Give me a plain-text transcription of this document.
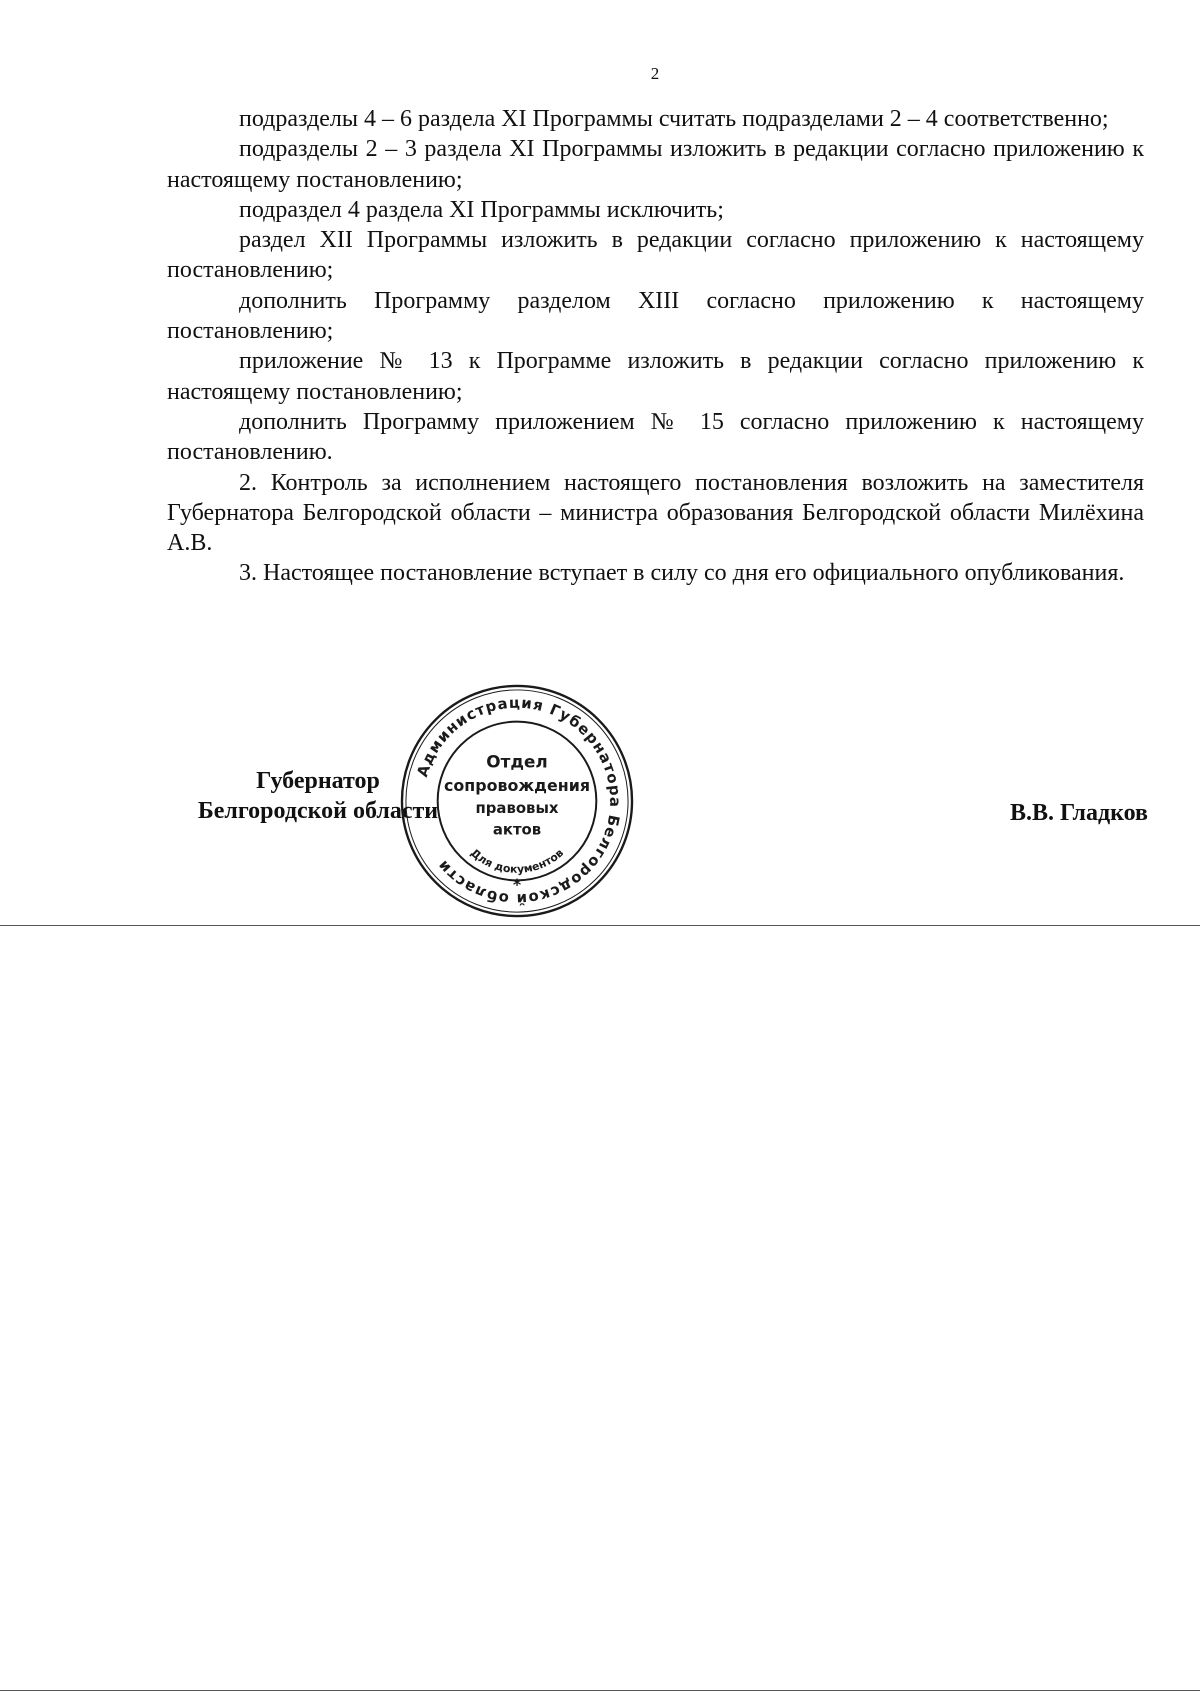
2

подразделы 4 – 6 раздела XI Программы считать подразделами 2 – 4 соответственно;

подразделы 2 – 3 раздела XI Программы изложить в редакции согласно приложению к настоящему постановлению;

подраздел 4 раздела XI Программы исключить;

раздел XII Программы изложить в редакции согласно приложению к настоящему постановлению;

дополнить Программу разделом XIII согласно приложению к настоящему постановлению;

приложение № 13 к Программе изложить в редакции согласно приложению к настоящему постановлению;

дополнить Программу приложением № 15 согласно приложению к настоящему постановлению.

2. Контроль за исполнением настоящего постановления возложить на заместителя Губернатора Белгородской области – министра образования Белгородской области Милёхина А.В.

3. Настоящее постановление вступает в силу со дня его официального опубликования.

Губернатор
Белгородской области
Администрация Губернатора Белгородской области
Отдел
сопровождения
правовых
актов
Для документов
*
В.В. Гладков
